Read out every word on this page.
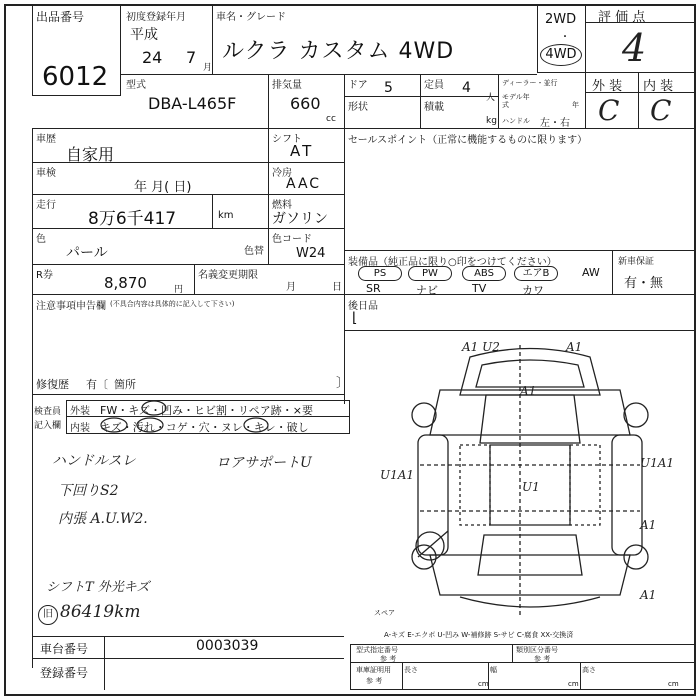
出品番号
6012
初度登録年月
平成
24 7
月
車名・グレード
ルクラ カスタム 4WD
2WD
・
4WD
評 価 点
4
外 装 内 装
C C
型式
DBA-L465F
排気量
660
cc
ドア 5	定員 4
人
ディーラー・並行
モデル年式	年
ハンドル 左・右
形状	積載
kg
車歴
自家用
車検
年 月( 日)
走行
8万6千417	km
シフト
AT
冷房
AAC
燃料
ガソリン
色
パール	色替
色コード
W24
R券	8,870	円
名義変更期限
月	日
注意事項申告欄 (不具合内容は具体的に記入して下さい)
修復歴 有〔 箇所	〕
検査員
記入欄
外装 FW・キズ・凹み・ヒビ割・リペア跡・×要
内装 キズ・汚れ・コゲ・穴・ヌレ・キレ・破し
ハンドルスレ
下回りS2
内張 A.U.W2.
ロアサポートU
シフトT 外光キズ
旧 86419km
セールスポイント（正常に機能するものに限ります）
装備品（純正品に限り○印をつけてください）	新車保証
有・無
PS	PW	ABS	エアB	AW
SR	ナビ	TV	カワ
後日品
⌊
A1 U2	A1
A1
U1A1
U1A1
U1
A1
A1
スペア
A-キズ E-エクボ U-凹み W-補修跡 S-サビ C-腐食 XX-交換済
車台番号	0003039
登録番号
型式指定番号
参 考
類別区分番号
参 考
車庫証明用
参 考
長さ
cm
幅
cm
高さ
cm
